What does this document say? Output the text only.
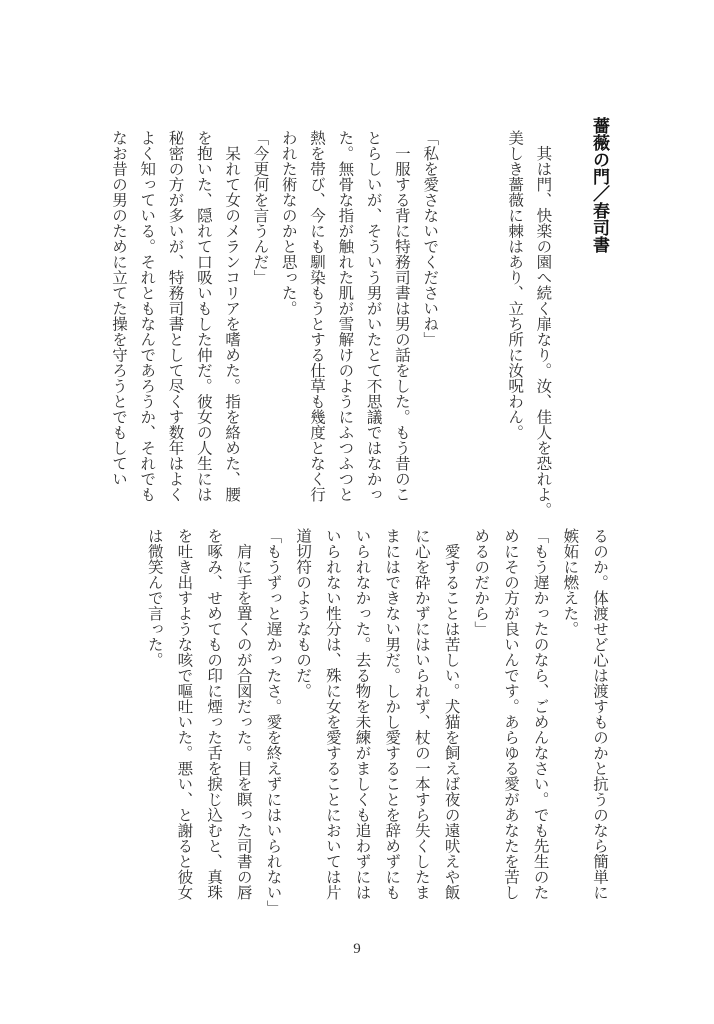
薔薇の門／春司書
　其は門、快楽の園へ続く扉なり。汝、佳人を恐れよ。
美しき薔薇に棘はあり、立ち所に汝呪わん。
「私を愛さないでくださいね」
　一服する背に特務司書は男の話をした。もう昔のこ
とらしいが、そういう男がいたとて不思議ではなかっ
た。無骨な指が触れた肌が雪解けのようにふつふつと
熱を帯び、今にも馴染もうとする仕草も幾度となく行
われた術なのかと思った。
「今更何を言うんだ」
　呆れて女のメランコリアを嗜めた。指を絡めた、腰
を抱いた、隠れて口吸いもした仲だ。彼女の人生には
秘密の方が多いが、特務司書として尽くす数年はよく
よく知っている。それともなんであろうか、それでも
なお昔の男のために立てた操を守ろうとでもしてい
るのか。体渡せど心は渡すものかと抗うのなら簡単に
嫉妬に燃えた。
「もう遅かったのなら、ごめんなさい。でも先生のた
めにその方が良いんです。あらゆる愛があなたを苦し
めるのだから」
　愛することは苦しい。犬猫を飼えば夜の遠吠えや飯
に心を砕かずにはいられず、杖の一本すら失くしたま
まにはできない男だ。しかし愛することを辞めずにも
いられなかった。去る物を未練がましくも追わずには
いられない性分は、殊に女を愛することにおいては片
道切符のようなものだ。
「もうずっと遅かったさ。愛を終えずにはいられない」
　肩に手を置くのが合図だった。目を瞑った司書の唇
を啄み、せめてもの印に煙った舌を捩じ込むと、真珠
を吐き出すような咳で嘔吐いた。悪い、と謝ると彼女
は微笑んで言った。
9
